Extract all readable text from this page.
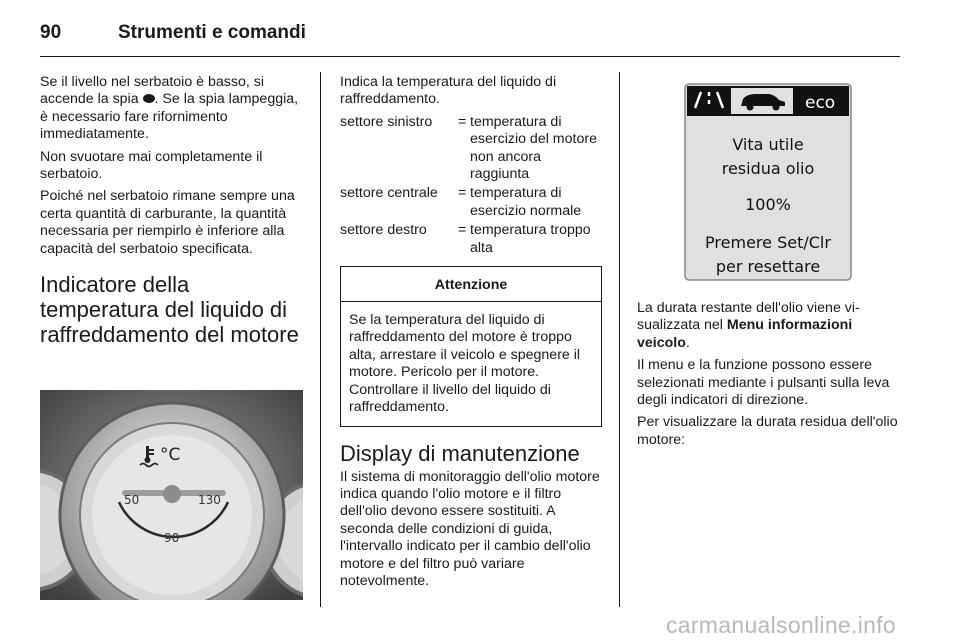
90	Strumenti e comandi

Se il livello nel serbatoio è basso, si accende la spia . Se la spia lampeggia, è necessario fare rifornimento immediatamente.

Non svuotare mai completamente il serbatoio.

Poiché nel serbatoio rimane sempre una certa quantità di carburante, la quantità necessaria per riempirlo è inferiore alla capacità del serbatoio specificata.

Indicatore della temperatura del liquido di raffreddamento del motore
°C
50	130
90

Indica la temperatura del liquido di raffreddamento.

settore sinistro	= temperatura di esercizio del motore non ancora raggiunta
settore centrale	= temperatura di esercizio normale
settore destro	= temperatura troppo alta
Attenzione
Se la temperatura del liquido di raffreddamento del motore è troppo alta, arrestare il veicolo e spegnere il motore. Pericolo per il motore. Controllare il livello del liquido di raffreddamento.
Display di manutenzione

Il sistema di monitoraggio dell'olio motore indica quando l'olio motore e il filtro dell'olio devono essere sostituiti. A seconda delle condizioni di guida, l'intervallo indicato per il cambio dell'olio motore e del filtro può variare notevolmente.

eco
Vita utile
residua olio
100%
Premere Set/Clr
per resettare

La durata restante dell'olio viene visualizzata nel Menu informazioni veicolo.

Il menu e la funzione possono essere selezionati mediante i pulsanti sulla leva degli indicatori di direzione.

Per visualizzare la durata residua dell'olio motore:

carmanualsonline.info
